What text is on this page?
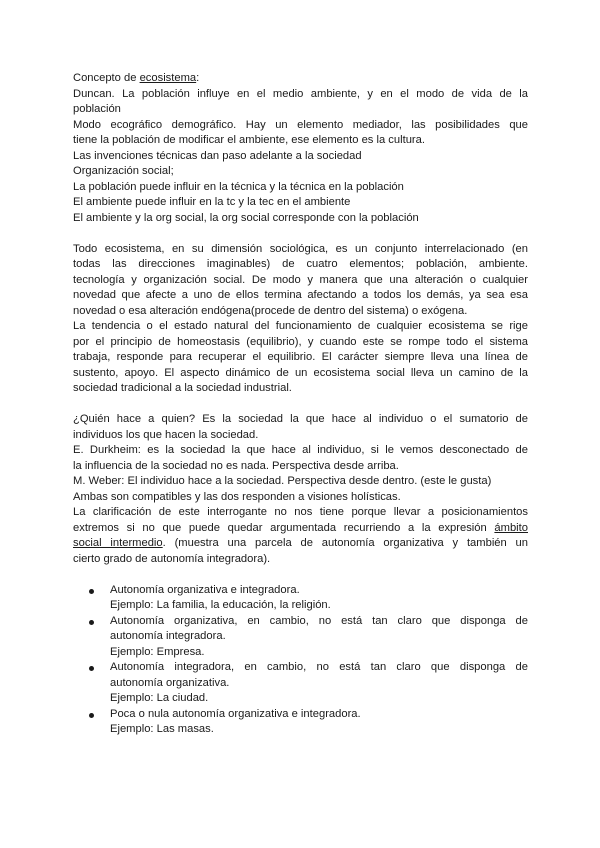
Concepto de ecosistema:
Duncan. La población influye en el medio ambiente, y en el modo de vida de la
población
Modo ecográfico demográfico. Hay un elemento mediador, las posibilidades que
tiene la población de modificar el ambiente, ese elemento es la cultura.
Las invenciones técnicas dan paso adelante a la sociedad
Organización social;
La población puede influir en la técnica y la técnica en la población
El ambiente puede influir en la tc y la tec en el ambiente
El ambiente y la org social, la org social corresponde con la población
Todo ecosistema, en su dimensión sociológica, es un conjunto interrelacionado (en
todas las direcciones imaginables) de cuatro elementos; población, ambiente.
tecnología y organización social. De modo y manera que una alteración o cualquier
novedad que afecte a uno de ellos termina afectando a todos los demás, ya sea esa
novedad o esa alteración endógena(procede de dentro del sistema) o exógena.
La tendencia o el estado natural del funcionamiento de cualquier ecosistema se rige
por el principio de homeostasis (equilibrio), y cuando este se rompe todo el sistema
trabaja, responde para recuperar el equilibrio. El carácter siempre lleva una línea de
sustento, apoyo. El aspecto dinámico de un ecosistema social lleva un camino de la
sociedad tradicional a la sociedad industrial.
¿Quién hace a quien? Es la sociedad la que hace al individuo o el sumatorio de
individuos los que hacen la sociedad.
E. Durkheim: es la sociedad la que hace al individuo, si le vemos desconectado de
la influencia de la sociedad no es nada. Perspectiva desde arriba.
M. Weber: El individuo hace a la sociedad. Perspectiva desde dentro. (este le gusta)
Ambas son compatibles y las dos responden a visiones holísticas.
La clarificación de este interrogante no nos tiene porque llevar a posicionamientos
extremos si no que puede quedar argumentada recurriendo a la expresión ámbito
social intermedio. (muestra una parcela de autonomía organizativa y también un
cierto grado de autonomía integradora).
Autonomía organizativa e integradora.
Ejemplo: La familia, la educación, la religión.
Autonomía organizativa, en cambio, no está tan claro que disponga de
autonomía integradora.
Ejemplo: Empresa.
Autonomía integradora, en cambio, no está tan claro que disponga de
autonomía organizativa.
Ejemplo: La ciudad.
Poca o nula autonomía organizativa e integradora.
Ejemplo: Las masas.
